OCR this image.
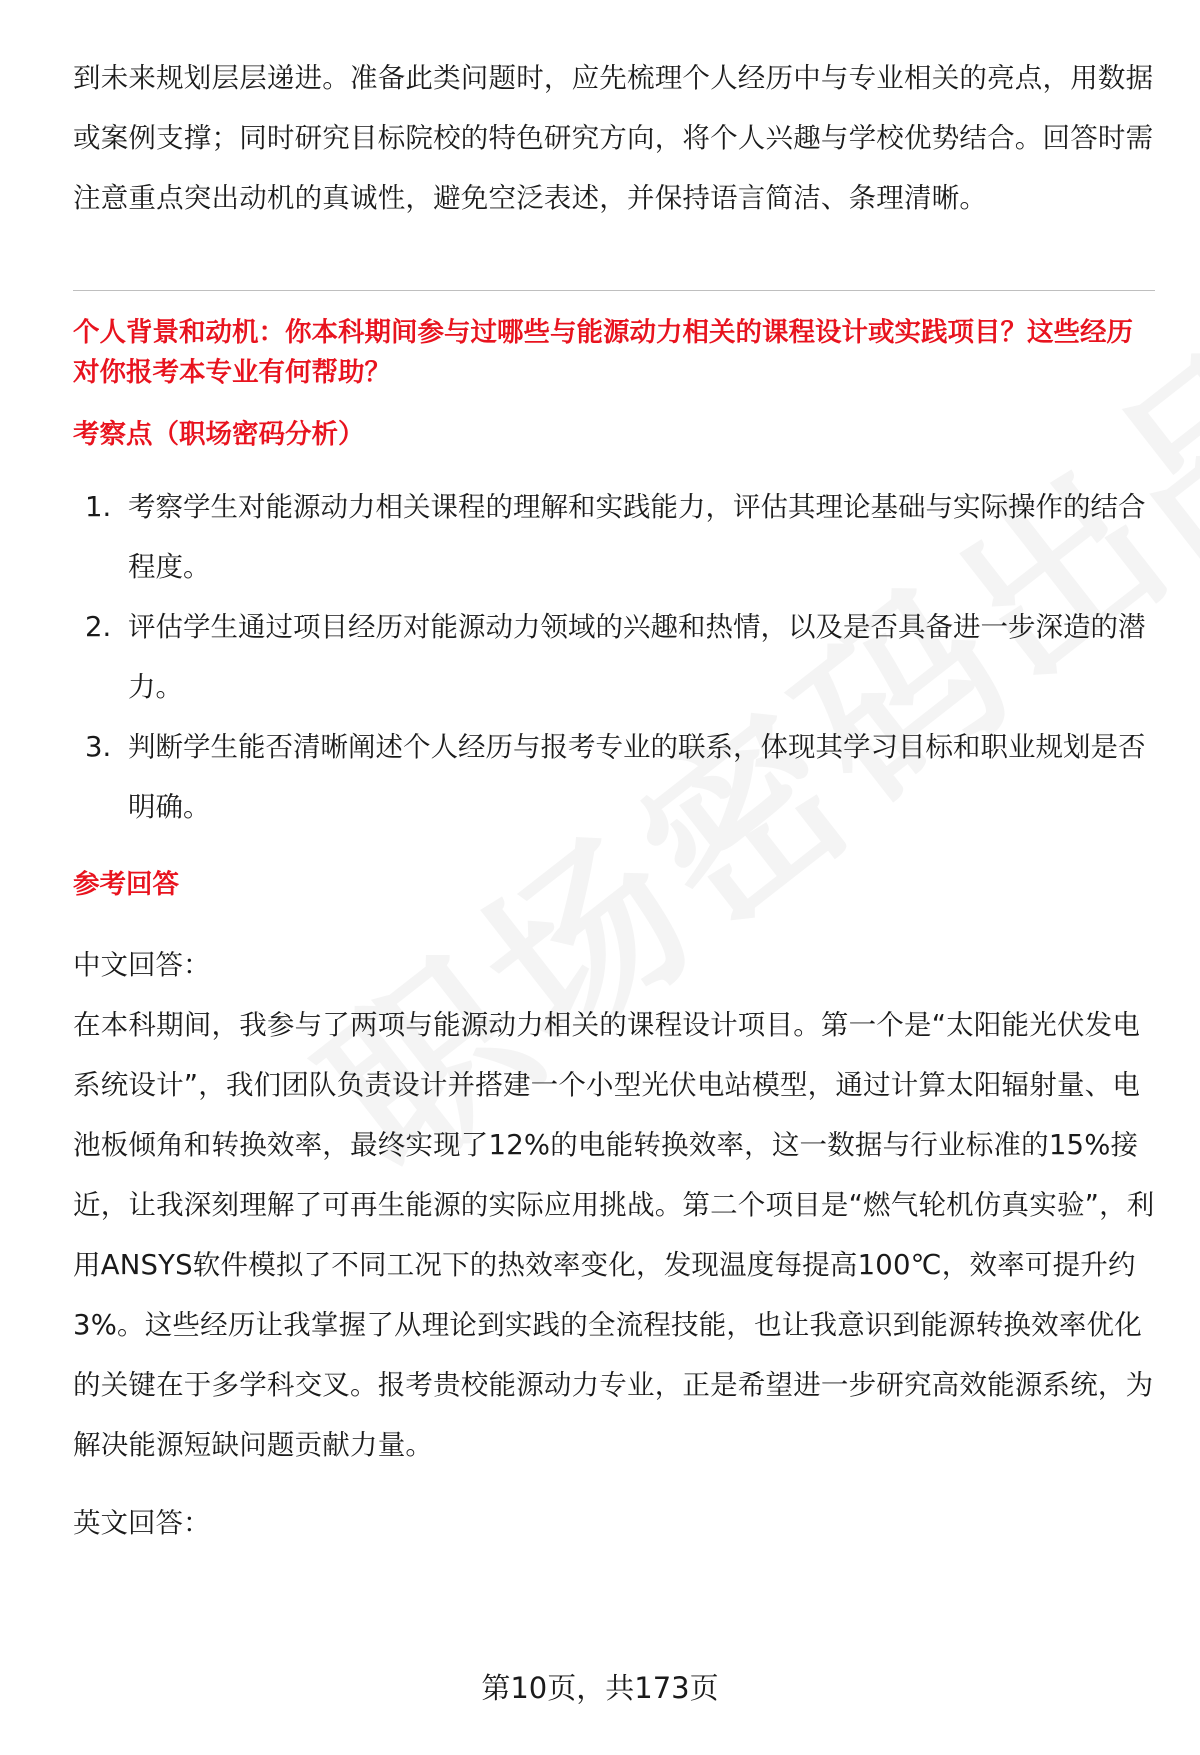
到未来规划层层递进。准备此类问题时，应先梳理个人经历中与专业相关的亮点，用数据或案例支撑；同时研究目标院校的特色研究方向，将个人兴趣与学校优势结合。回答时需注意重点突出动机的真诚性，避免空泛表述，并保持语言简洁、条理清晰。

个人背景和动机：你本科期间参与过哪些与能源动力相关的课程设计或实践项目？这些经历对你报考本专业有何帮助？

考察点（职场密码分析）

1. 考察学生对能源动力相关课程的理解和实践能力，评估其理论基础与实际操作的结合程度。
2. 评估学生通过项目经历对能源动力领域的兴趣和热情，以及是否具备进一步深造的潜力。
3. 判断学生能否清晰阐述个人经历与报考专业的联系，体现其学习目标和职业规划是否明确。

参考回答

中文回答：

在本科期间，我参与了两项与能源动力相关的课程设计项目。第一个是“太阳能光伏发电系统设计”，我们团队负责设计并搭建一个小型光伏电站模型，通过计算太阳辐射量、电池板倾角和转换效率，最终实现了12%的电能转换效率，这一数据与行业标准的15%接近，让我深刻理解了可再生能源的实际应用挑战。第二个项目是“燃气轮机仿真实验”，利用ANSYS软件模拟了不同工况下的热效率变化，发现温度每提高100℃，效率可提升约3%。这些经历让我掌握了从理论到实践的全流程技能，也让我意识到能源转换效率优化的关键在于多学科交叉。报考贵校能源动力专业，正是希望进一步研究高效能源系统，为解决能源短缺问题贡献力量。

英文回答：

第10页，共173页
